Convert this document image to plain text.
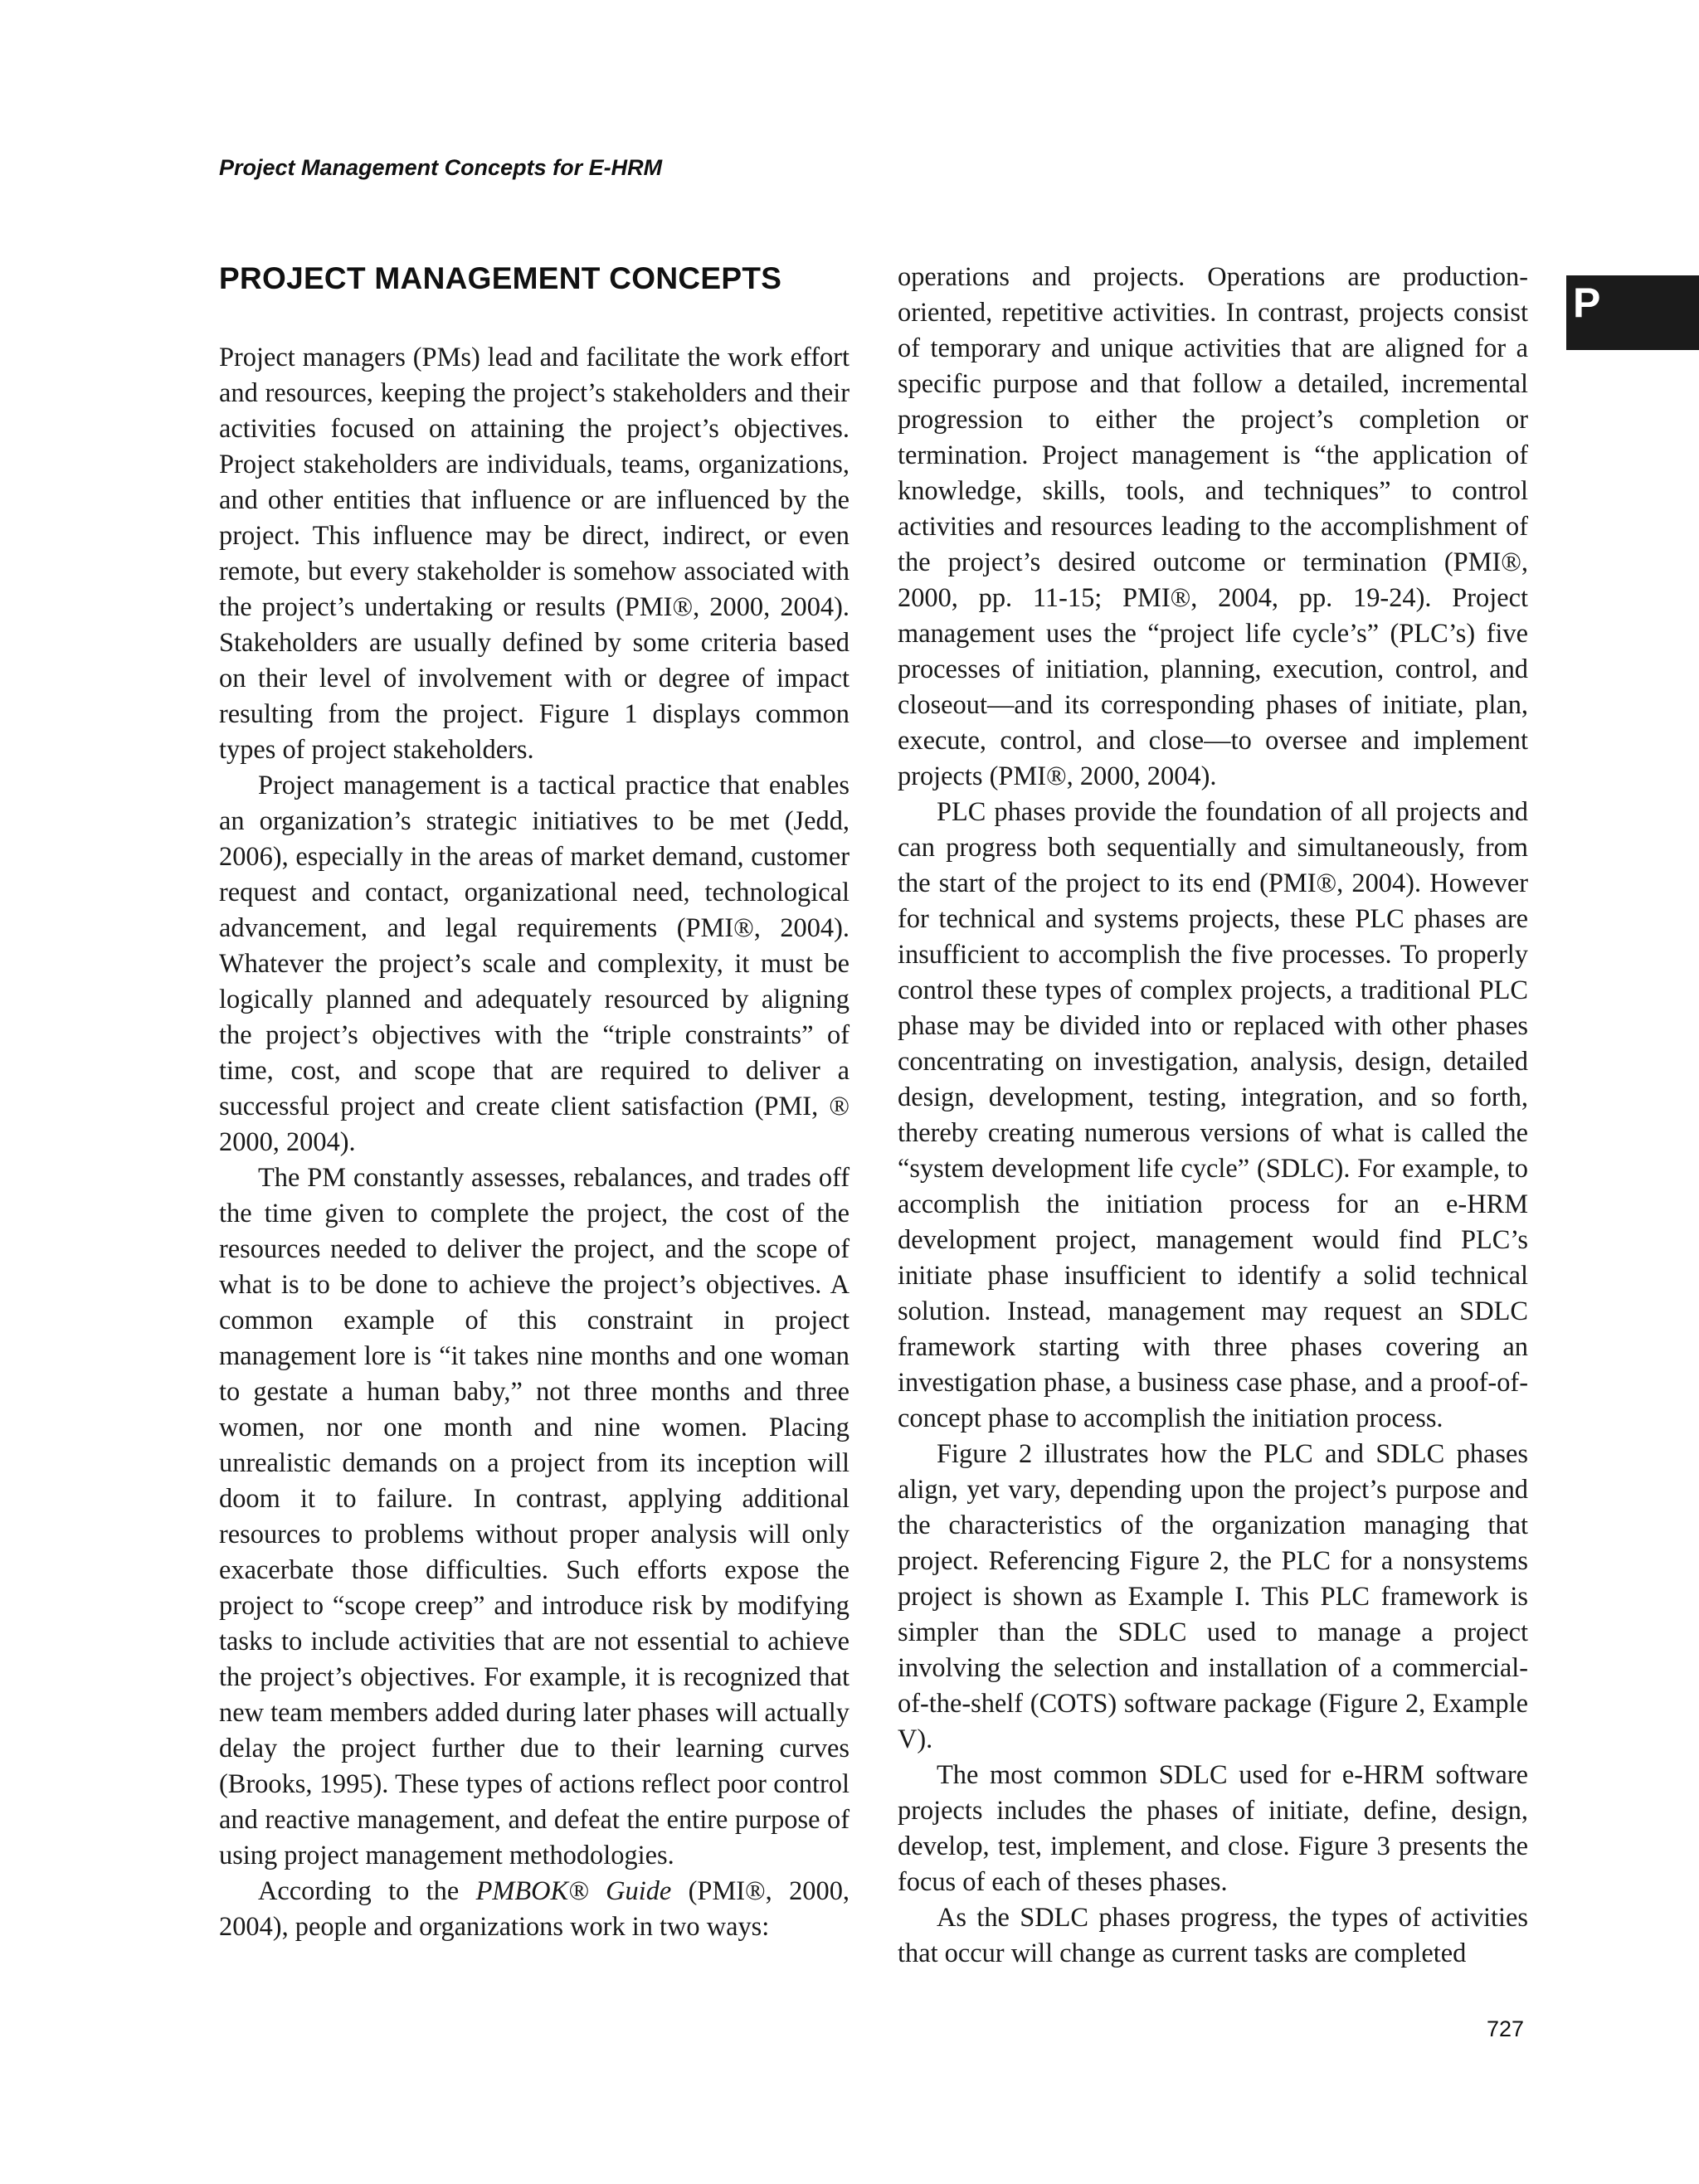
Project Management Concepts for E-HRM
P
PROJECT MANAGEMENT CONCEPTS

Project managers (PMs) lead and facilitate the work effort and resources, keeping the project’s stakeholders and their activities focused on attaining the project’s objectives. Project stakeholders are individuals, teams, organizations, and other entities that influence or are influenced by the project. This influence may be direct, indirect, or even remote, but every stakeholder is somehow associated with the project’s undertaking or results (PMI®, 2000, 2004). Stakeholders are usually defined by some criteria based on their level of involvement with or degree of impact resulting from the project. Figure 1 displays common types of project stakeholders.

Project management is a tactical practice that enables an organization’s strategic initiatives to be met (Jedd, 2006), especially in the areas of market demand, customer request and contact, organizational need, technological advancement, and legal requirements (PMI®, 2004). Whatever the project’s scale and complexity, it must be logically planned and adequately resourced by aligning the project’s objectives with the “triple constraints” of time, cost, and scope that are required to deliver a successful project and create client satisfaction (PMI, ® 2000, 2004).

The PM constantly assesses, rebalances, and trades off the time given to complete the project, the cost of the resources needed to deliver the project, and the scope of what is to be done to achieve the project’s objectives. A common example of this constraint in project management lore is “it takes nine months and one woman to gestate a human baby,” not three months and three women, nor one month and nine women. Placing unrealistic demands on a project from its inception will doom it to failure. In contrast, applying additional resources to problems without proper analysis will only exacerbate those difficulties. Such efforts expose the project to “scope creep” and introduce risk by modifying tasks to include activities that are not essential to achieve the project’s objectives. For example, it is recognized that new team members added during later phases will actually delay the project further due to their learning curves (Brooks, 1995). These types of actions reflect poor control and reactive management, and defeat the entire purpose of using project management methodologies.

According to the PMBOK® Guide (PMI®, 2000, 2004), people and organizations work in two ways:

operations and projects. Operations are production-oriented, repetitive activities. In contrast, projects consist of temporary and unique activities that are aligned for a specific purpose and that follow a detailed, incremental progression to either the project’s completion or termination. Project management is “the application of knowledge, skills, tools, and techniques” to control activities and resources leading to the accomplishment of the project’s desired outcome or termination (PMI®, 2000, pp. 11-15; PMI®, 2004, pp. 19-24). Project management uses the “project life cycle’s” (PLC’s) five processes of initiation, planning, execution, control, and closeout—and its corresponding phases of initiate, plan, execute, control, and close—to oversee and implement projects (PMI®, 2000, 2004).

PLC phases provide the foundation of all projects and can progress both sequentially and simultaneously, from the start of the project to its end (PMI®, 2004). However for technical and systems projects, these PLC phases are insufficient to accomplish the five processes. To properly control these types of complex projects, a traditional PLC phase may be divided into or replaced with other phases concentrating on investigation, analysis, design, detailed design, development, testing, integration, and so forth, thereby creating numerous versions of what is called the “system development life cycle” (SDLC). For example, to accomplish the initiation process for an e-HRM development project, management would find PLC’s initiate phase insufficient to identify a solid technical solution. Instead, management may request an SDLC framework starting with three phases covering an investigation phase, a business case phase, and a proof-of-concept phase to accomplish the initiation process.

Figure 2 illustrates how the PLC and SDLC phases align, yet vary, depending upon the project’s purpose and the characteristics of the organization managing that project. Referencing Figure 2, the PLC for a nonsystems project is shown as Example I. This PLC framework is simpler than the SDLC used to manage a project involving the selection and installation of a commercial-of-the-shelf (COTS) software package (Figure 2, Example V).

The most common SDLC used for e-HRM software projects includes the phases of initiate, define, design, develop, test, implement, and close. Figure 3 presents the focus of each of theses phases.

As the SDLC phases progress, the types of activities that occur will change as current tasks are completed

727
